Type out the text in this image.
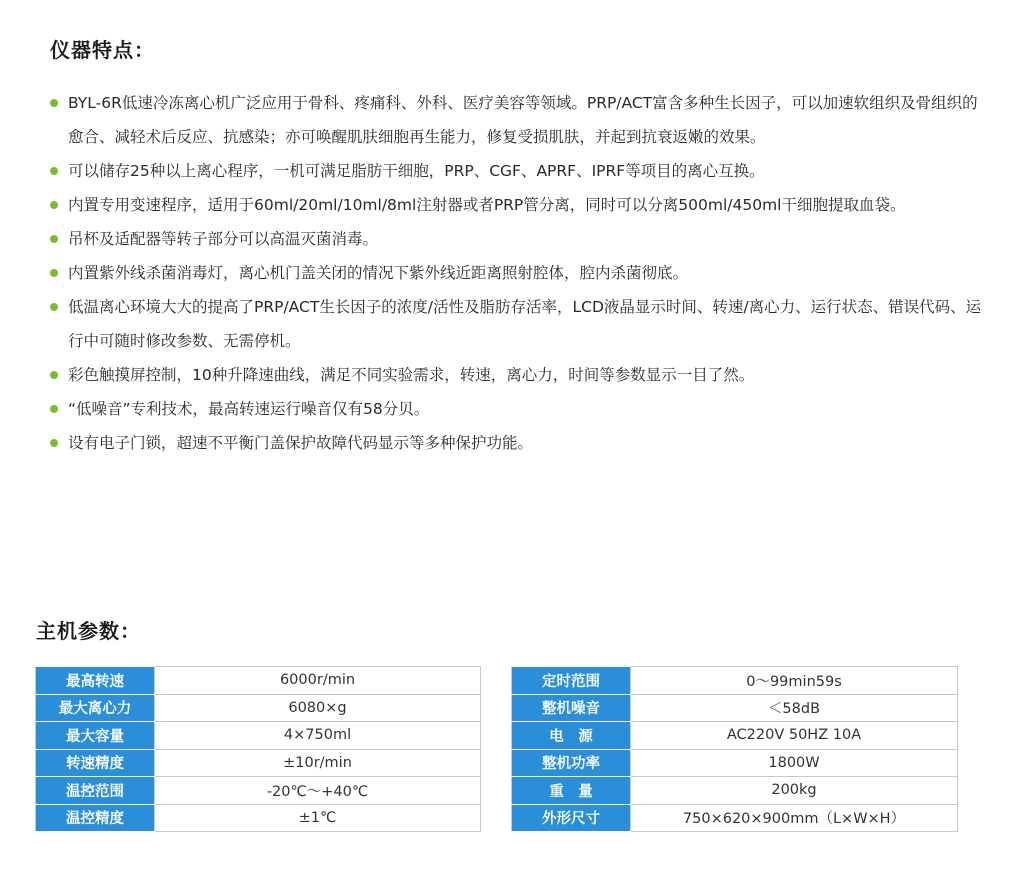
仪器特点：
BYL-6R低速冷冻离心机广泛应用于骨科、疼痛科、外科、医疗美容等领域。PRP/ACT富含多种生长因子，可以加速软组织及骨组织的愈合、减轻术后反应、抗感染；亦可唤醒肌肤细胞再生能力，修复受损肌肤，并起到抗衰返嫩的效果。
可以储存25种以上离心程序，一机可满足脂肪干细胞，PRP、CGF、APRF、IPRF等项目的离心互换。
内置专用变速程序，适用于60ml/20ml/10ml/8ml注射器或者PRP管分离，同时可以分离500ml/450ml干细胞提取血袋。
吊杯及适配器等转子部分可以高温灭菌消毒。
内置紫外线杀菌消毒灯，离心机门盖关闭的情况下紫外线近距离照射腔体，腔内杀菌彻底。
低温离心环境大大的提高了PRP/ACT生长因子的浓度/活性及脂肪存活率，LCD液晶显示时间、转速/离心力、运行状态、错误代码、运行中可随时修改参数、无需停机。
彩色触摸屏控制，10种升降速曲线，满足不同实验需求，转速，离心力，时间等参数显示一目了然。
“低噪音”专利技术，最高转速运行噪音仅有58分贝。
设有电子门锁，超速不平衡门盖保护故障代码显示等多种保护功能。
主机参数：
最高转速	6000r/min
最大离心力	6080×g
最大容量	4×750ml
转速精度	±10r/min
温控范围	-20℃～+40℃
温控精度	±1℃
定时范围	0～99min59s
整机噪音	＜58dB
电　源	AC220V 50HZ 10A
整机功率	1800W
重　量	200kg
外形尺寸	750×620×900mm（L×W×H）
